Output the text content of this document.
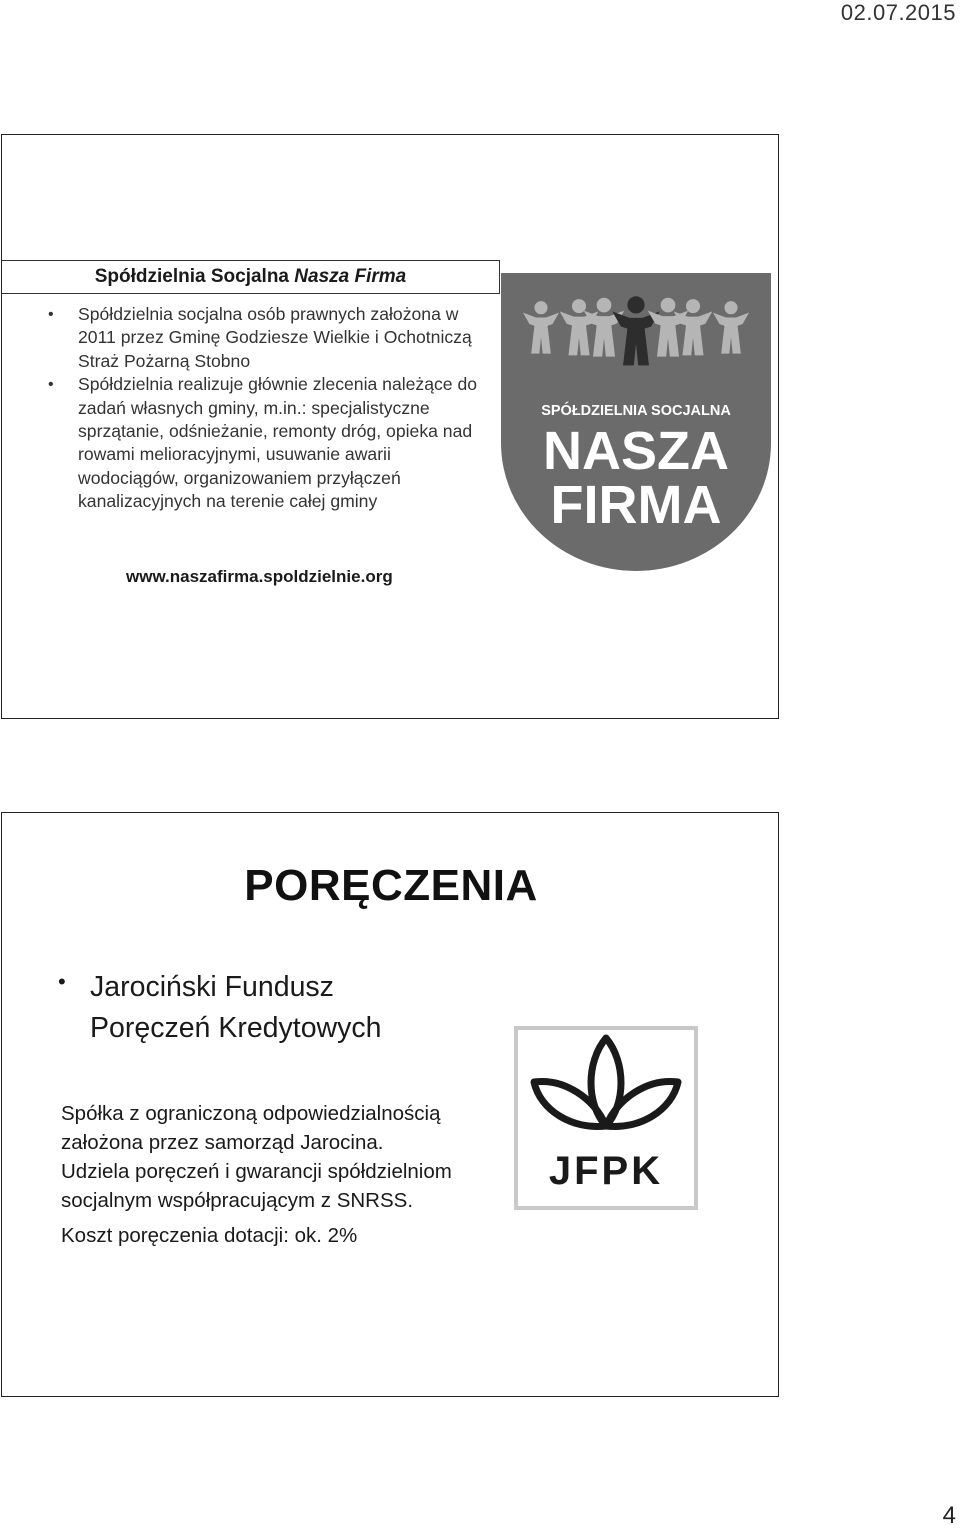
02.07.2015
Spółdzielnia Socjalna
Nasza Firma
• Spółdzielnia socjalna osób prawnych założona w 2011 przez Gminę Godziesze Wielkie i Ochotniczą Straż Pożarną Stobno
• Spółdzielnia realizuje głównie zlecenia należące do zadań własnych gminy, m.in.: specjalistyczne sprzątanie, odśnieżanie, remonty dróg, opieka nad rowami melioracyjnymi, usuwanie awarii wodociągów, organizowaniem przyłączeń kanalizacyjnych na terenie całej gminy
www.naszafirma.spoldzielnie.org
SPÓŁDZIELNIA SOCJALNA
NASZA
FIRMA
PORĘCZENIA
• Jarociński Fundusz
Poręczeń Kredytowych

Spółka z ograniczoną odpowiedzialnością

założona przez samorząd Jarocina.

Udziela poręczeń i gwarancji spółdzielniom

socjalnym współpracującym z SNRSS.

Koszt poręczenia dotacji: ok. 2%

JFPK
4
